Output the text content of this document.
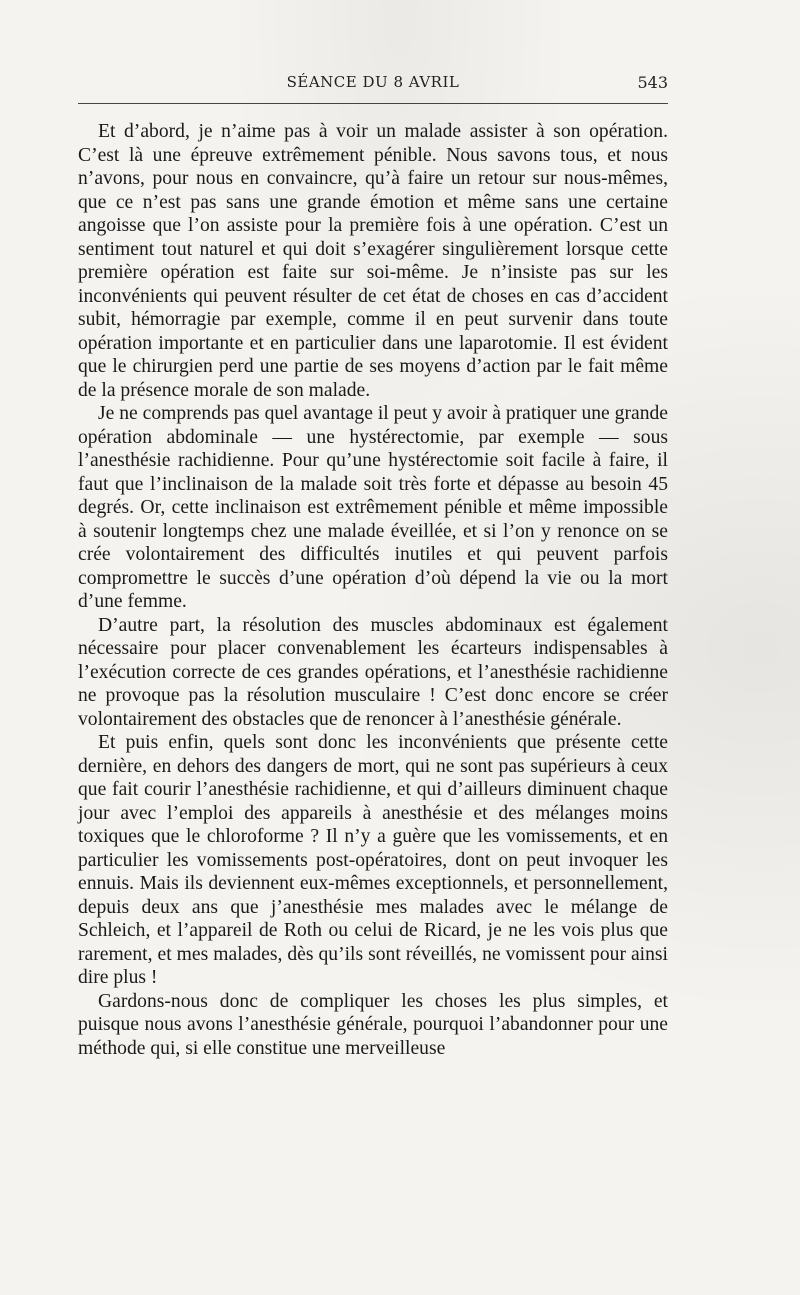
SÉANCE DU 8 AVRIL	543

Et d’abord, je n’aime pas à voir un malade assister à son opération. C’est là une épreuve extrêmement pénible. Nous savons tous, et nous n’avons, pour nous en convaincre, qu’à faire un retour sur nous-mêmes, que ce n’est pas sans une grande émotion et même sans une certaine angoisse que l’on assiste pour la première fois à une opération. C’est un sentiment tout naturel et qui doit s’exagérer singulièrement lorsque cette première opération est faite sur soi-même. Je n’insiste pas sur les inconvénients qui peuvent résulter de cet état de choses en cas d’accident subit, hémorragie par exemple, comme il en peut survenir dans toute opération importante et en particulier dans une laparotomie. Il est évident que le chirurgien perd une partie de ses moyens d’action par le fait même de la présence morale de son malade.

Je ne comprends pas quel avantage il peut y avoir à pratiquer une grande opération abdominale — une hystérectomie, par exemple — sous l’anesthésie rachidienne. Pour qu’une hystérectomie soit facile à faire, il faut que l’inclinaison de la malade soit très forte et dépasse au besoin 45 degrés. Or, cette inclinaison est extrêmement pénible et même impossible à soutenir longtemps chez une malade éveillée, et si l’on y renonce on se crée volontairement des difficultés inutiles et qui peuvent parfois compromettre le succès d’une opération d’où dépend la vie ou la mort d’une femme.

D’autre part, la résolution des muscles abdominaux est également nécessaire pour placer convenablement les écarteurs indispensables à l’exécution correcte de ces grandes opérations, et l’anesthésie rachidienne ne provoque pas la résolution musculaire ! C’est donc encore se créer volontairement des obstacles que de renoncer à l’anesthésie générale.

Et puis enfin, quels sont donc les inconvénients que présente cette dernière, en dehors des dangers de mort, qui ne sont pas supérieurs à ceux que fait courir l’anesthésie rachidienne, et qui d’ailleurs diminuent chaque jour avec l’emploi des appareils à anesthésie et des mélanges moins toxiques que le chloroforme ? Il n’y a guère que les vomissements, et en particulier les vomissements post-opératoires, dont on peut invoquer les ennuis. Mais ils deviennent eux-mêmes exceptionnels, et personnellement, depuis deux ans que j’anesthésie mes malades avec le mélange de Schleich, et l’appareil de Roth ou celui de Ricard, je ne les vois plus que rarement, et mes malades, dès qu’ils sont réveillés, ne vomissent pour ainsi dire plus !

Gardons-nous donc de compliquer les choses les plus simples, et puisque nous avons l’anesthésie générale, pourquoi l’abandonner pour une méthode qui, si elle constitue une merveilleuse
